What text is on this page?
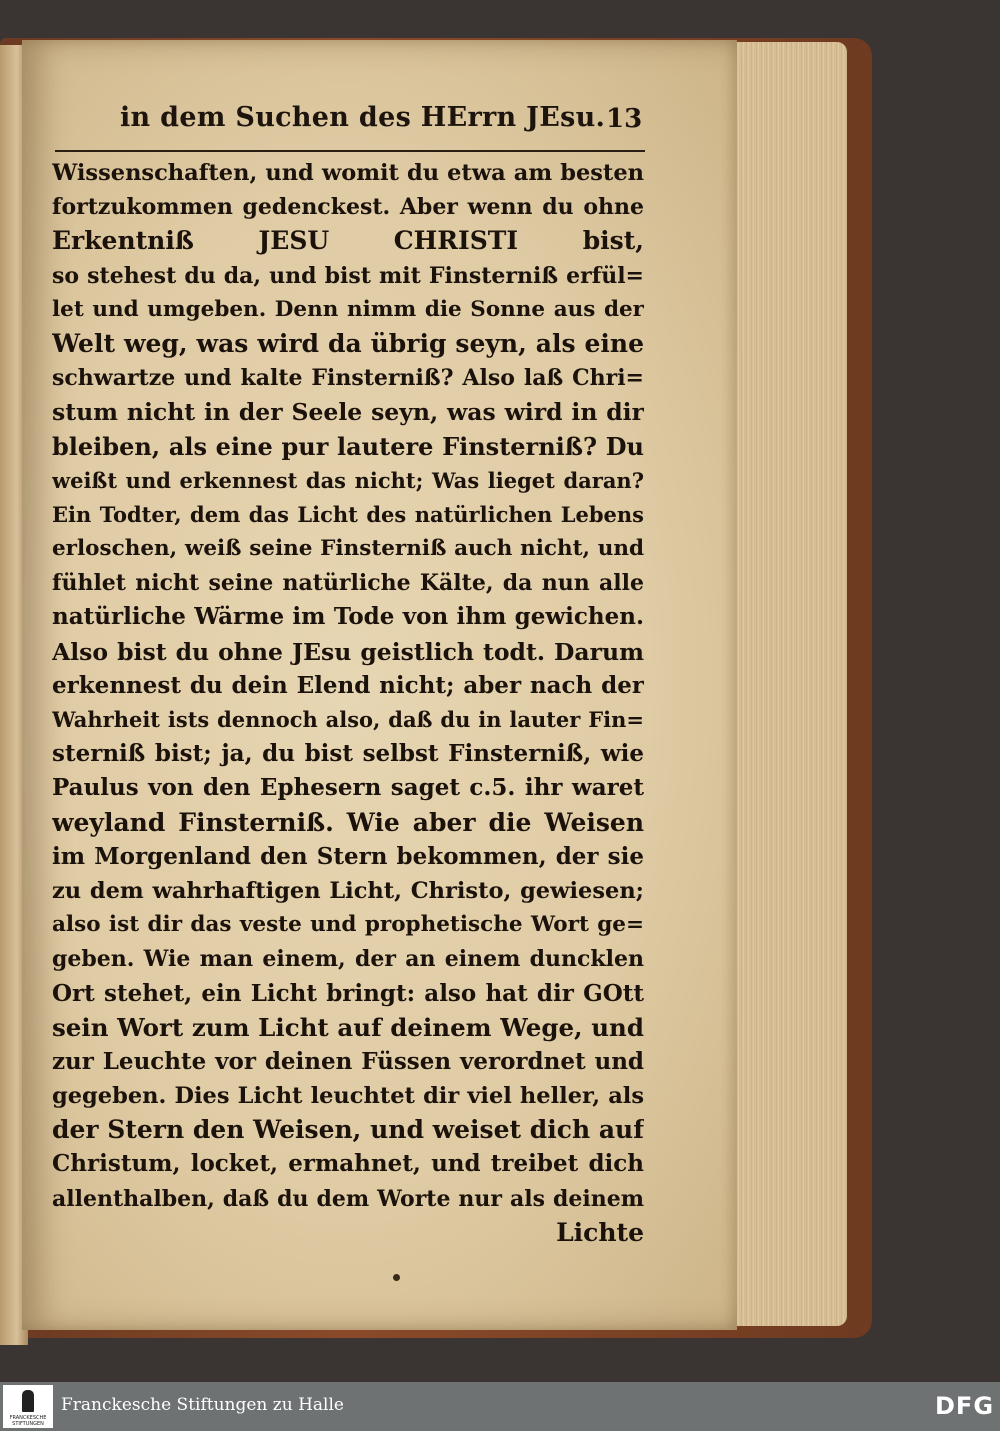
in dem Suchen des HErrn JEsu. 13
Wissenschaften, und womit du etwa am besten
fortzukommen gedenckest. Aber wenn du ohne
Erkentniß JESU CHRISTI bist,
so stehest du da, und bist mit Finsterniß erfül=
let und umgeben. Denn nimm die Sonne aus der
Welt weg, was wird da übrig seyn, als eine
schwartze und kalte Finsterniß? Also laß Chri=
stum nicht in der Seele seyn, was wird in dir
bleiben, als eine pur lautere Finsterniß? Du
weißt und erkennest das nicht; Was lieget daran?
Ein Todter, dem das Licht des natürlichen Lebens
erloschen, weiß seine Finsterniß auch nicht, und
fühlet nicht seine natürliche Kälte, da nun alle
natürliche Wärme im Tode von ihm gewichen.
Also bist du ohne JEsu geistlich todt. Darum
erkennest du dein Elend nicht; aber nach der
Wahrheit ists dennoch also, daß du in lauter Fin=
sterniß bist; ja, du bist selbst Finsterniß, wie
Paulus von den Ephesern saget c.5. ihr waret
weyland Finsterniß. Wie aber die Weisen
im Morgenland den Stern bekommen, der sie
zu dem wahrhaftigen Licht, Christo, gewiesen;
also ist dir das veste und prophetische Wort ge=
geben. Wie man einem, der an einem duncklen
Ort stehet, ein Licht bringt: also hat dir GOtt
sein Wort zum Licht auf deinem Wege, und
zur Leuchte vor deinen Füssen verordnet und
gegeben. Dies Licht leuchtet dir viel heller, als
der Stern den Weisen, und weiset dich auf
Christum, locket, ermahnet, und treibet dich
allenthalben, daß du dem Worte nur als deinem
Lichte
FRANCKESCHE STIFTUNGEN
Franckesche Stiftungen zu Halle	DFG
